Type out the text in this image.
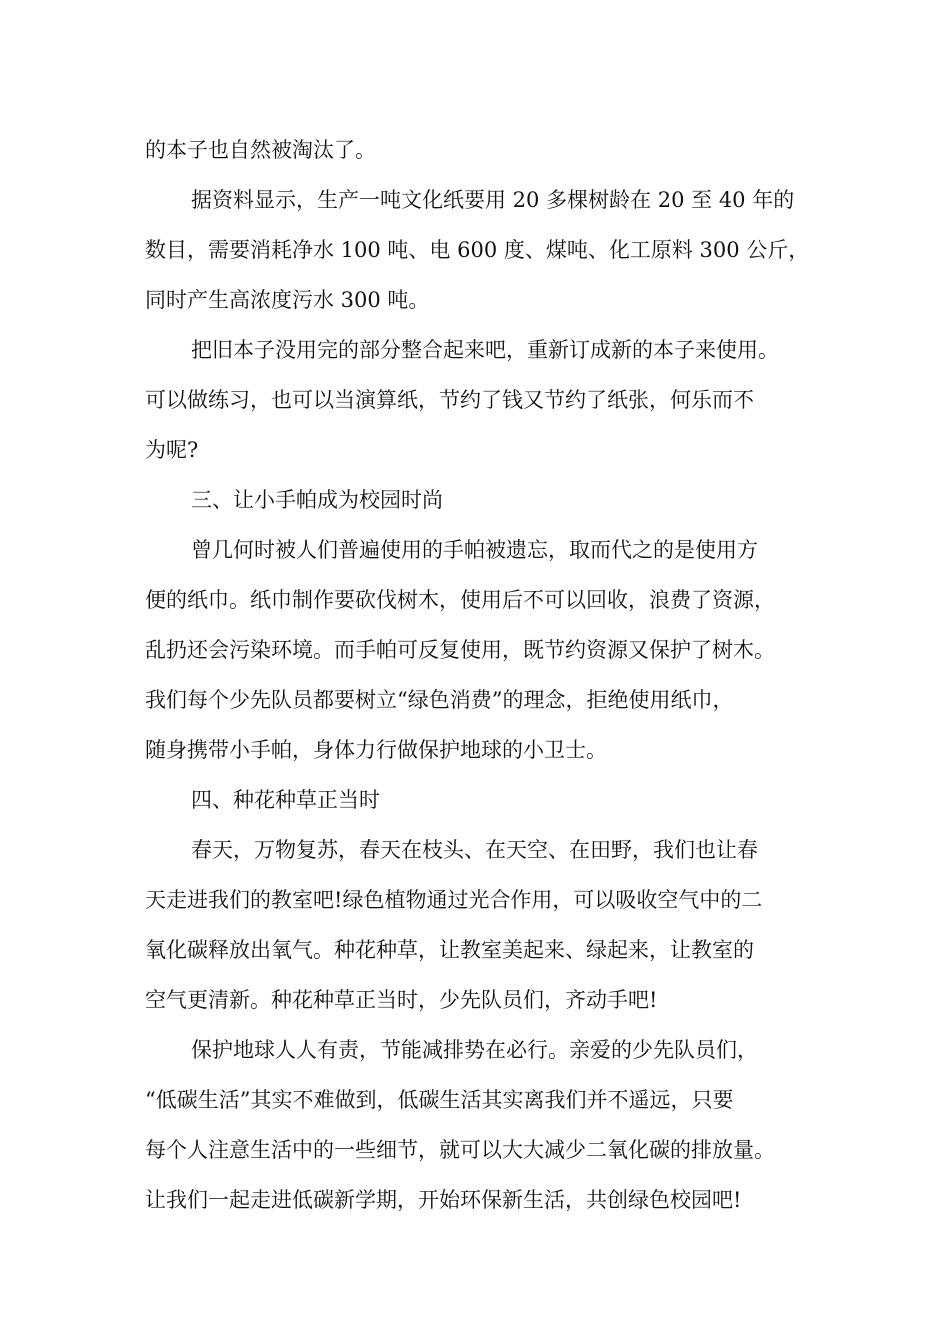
的本子也自然被淘汰了。
据资料显示，生产一吨文化纸要用 20 多棵树龄在 20 至 40 年的
数目，需要消耗净水 100 吨、电 600 度、煤吨、化工原料 300 公斤，
同时产生高浓度污水 300 吨。
把旧本子没用完的部分整合起来吧，重新订成新的本子来使用。
可以做练习，也可以当演算纸，节约了钱又节约了纸张，何乐而不
为呢?
三、让小手帕成为校园时尚
曾几何时被人们普遍使用的手帕被遗忘，取而代之的是使用方
便的纸巾。纸巾制作要砍伐树木，使用后不可以回收，浪费了资源，
乱扔还会污染环境。而手帕可反复使用，既节约资源又保护了树木。
我们每个少先队员都要树立“绿色消费”的理念，拒绝使用纸巾，
随身携带小手帕，身体力行做保护地球的小卫士。
四、种花种草正当时
春天，万物复苏，春天在枝头、在天空、在田野，我们也让春
天走进我们的教室吧!绿色植物通过光合作用，可以吸收空气中的二
氧化碳释放出氧气。种花种草，让教室美起来、绿起来，让教室的
空气更清新。种花种草正当时，少先队员们，齐动手吧!
保护地球人人有责，节能减排势在必行。亲爱的少先队员们，
“低碳生活”其实不难做到，低碳生活其实离我们并不遥远，只要
每个人注意生活中的一些细节，就可以大大减少二氧化碳的排放量。
让我们一起走进低碳新学期，开始环保新生活，共创绿色校园吧!
